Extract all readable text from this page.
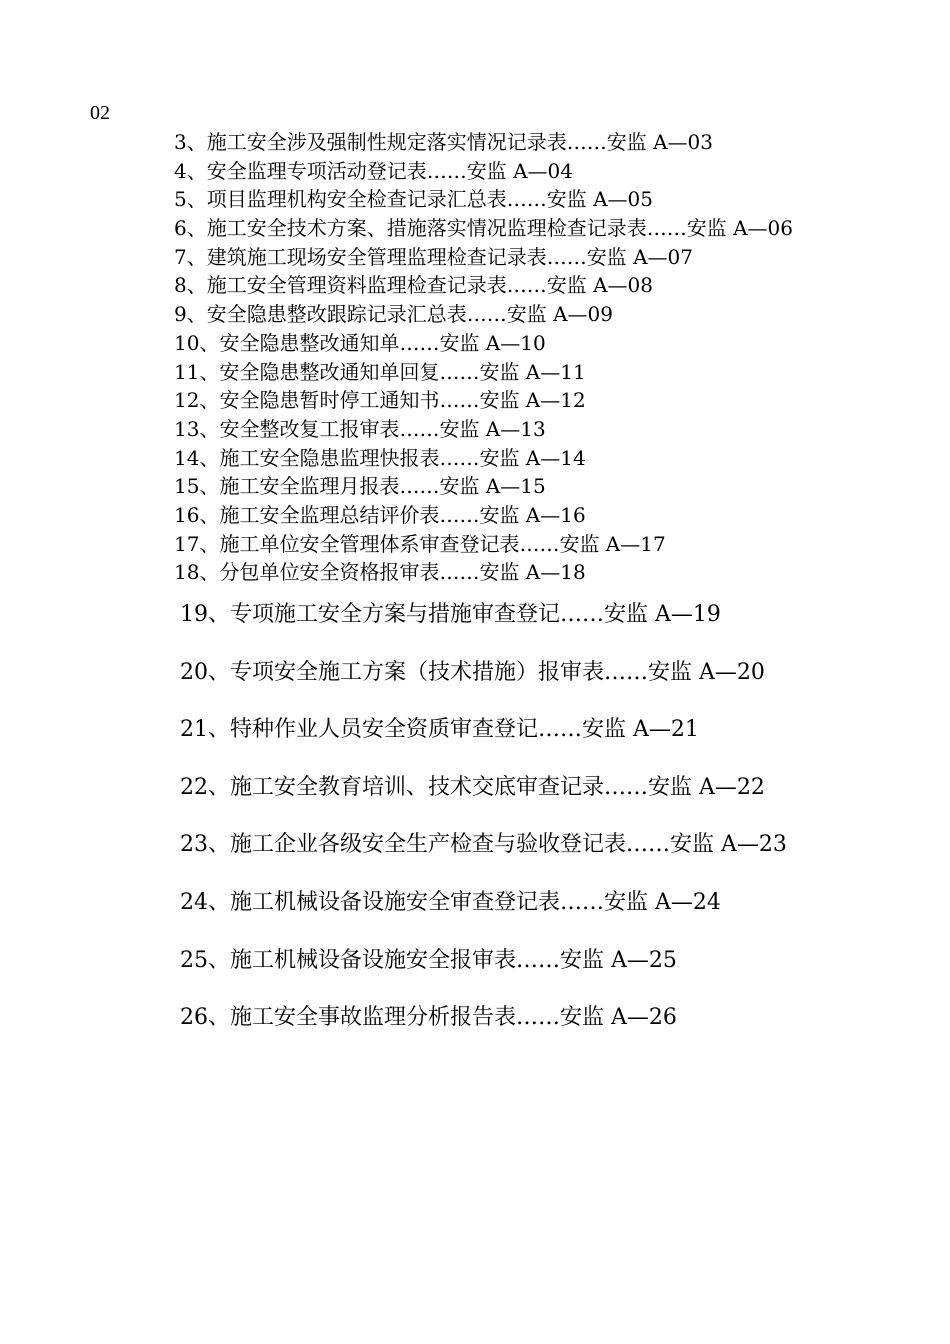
02

3、施工安全涉及强制性规定落实情况记录表……安监 A—03
4、安全监理专项活动登记表……安监 A—04
5、项目监理机构安全检查记录汇总表……安监 A—05
6、施工安全技术方案、措施落实情况监理检查记录表……安监 A—06
7、建筑施工现场安全管理监理检查记录表……安监 A—07
8、施工安全管理资料监理检查记录表……安监 A—08
9、安全隐患整改跟踪记录汇总表……安监 A—09
10、安全隐患整改通知单……安监 A—10
11、安全隐患整改通知单回复……安监 A—11
12、安全隐患暂时停工通知书……安监 A—12
13、安全整改复工报审表……安监 A—13
14、施工安全隐患监理快报表……安监 A—14
15、施工安全监理月报表……安监 A—15
16、施工安全监理总结评价表……安监 A—16
17、施工单位安全管理体系审查登记表……安监 A—17
18、分包单位安全资格报审表……安监 A—18
19、专项施工安全方案与措施审查登记……安监 A—19
20、专项安全施工方案（技术措施）报审表……安监 A—20
21、特种作业人员安全资质审查登记……安监 A—21
22、施工安全教育培训、技术交底审查记录……安监 A—22
23、施工企业各级安全生产检查与验收登记表……安监 A—23
24、施工机械设备设施安全审查登记表……安监 A—24
25、施工机械设备设施安全报审表……安监 A—25
26、施工安全事故监理分析报告表……安监 A—26
